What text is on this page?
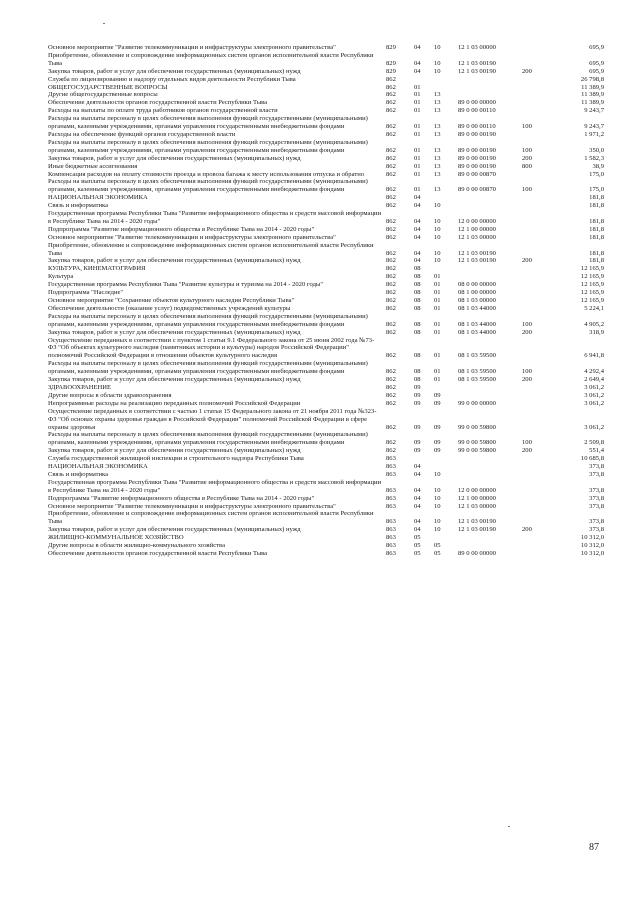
Основное мероприятие "Развитие телекоммуникации и инфраструктуры электронного правительства"	829	04	10	12 1 03 00000	695,9
Приобретение, обновление и сопровождение информационных систем органов исполнительной власти Республики Тыва	829	04	10	12 1 03 00190	695,9
Закупка товаров, работ и услуг для обеспечения государственных (муниципальных) нужд	829	04	10	12 1 03 00190	200	695,9
Служба по лицензированию и надзору отдельных видов деятельности Республики Тыва	862	26 798,8
ОБЩЕГОСУДАРСТВЕННЫЕ ВОПРОСЫ	862	01	11 389,9
Другие общегосударственные вопросы	862	01	13	11 389,9
Обеспечение деятельности органов государственной власти Республики Тыва	862	01	13	89 0 00 00000	11 389,9
Расходы на выплаты по оплате труда работников органов государственной власти	862	01	13	89 0 00 00110	9 243,7
Расходы на выплаты персоналу в целях обеспечения выполнения функций государственными (муниципальными) органами, казенными учреждениями, органами управления государственными внебюджетными фондами	862	01	13	89 0 00 00110	100	9 243,7
Расходы на обеспечение функций органов государственной власти	862	01	13	89 0 00 00190	1 971,2
Расходы на выплаты персоналу в целях обеспечения выполнения функций государственными (муниципальными) органами, казенными учреждениями, органами управления государственными внебюджетными фондами	862	01	13	89 0 00 00190	100	350,0
Закупка товаров, работ и услуг для обеспечения государственных (муниципальных) нужд	862	01	13	89 0 00 00190	200	1 582,3
Иные бюджетные ассигнования	862	01	13	89 0 00 00190	800	38,9
Компенсация расходов на оплату стоимости проезда и провоза багажа к месту использования отпуска и обратно	862	01	13	89 0 00 00870	175,0
Расходы на выплаты персоналу в целях обеспечения выполнения функций государственными (муниципальными) органами, казенными учреждениями, органами управления государственными внебюджетными фондами	862	01	13	89 0 00 00870	100	175,0
НАЦИОНАЛЬНАЯ ЭКОНОМИКА	862	04	181,8
Связь и информатика	862	04	10	181,8
Государственная программа Республики Тыва "Развитие информационного общества и средств массовой информации в Республике Тыва на 2014 - 2020 годы"	862	04	10	12 0 00 00000	181,8
Подпрограмма "Развитие информационного общества в Республике Тыва на 2014 - 2020 годы"	862	04	10	12 1 00 00000	181,8
Основное мероприятие "Развитие телекоммуникации и инфраструктуры электронного правительства"	862	04	10	12 1 03 00000	181,8
Приобретение, обновление и сопровождение информационных систем органов исполнительной власти Республики Тыва	862	04	10	12 1 03 00190	181,8
Закупка товаров, работ и услуг для обеспечения государственных (муниципальных) нужд	862	04	10	12 1 03 00190	200	181,8
КУЛЬТУРА, КИНЕМАТОГРАФИЯ	862	08	12 165,9
Культура	862	08	01	12 165,9
Государственная программа Республики Тыва "Развитие культуры и туризма на 2014 - 2020 годы"	862	08	01	08 0 00 00000	12 165,9
Подпрограмма "Наследие"	862	08	01	08 1 00 00000	12 165,9
Основное мероприятие "Сохранение объектов культурного наследия Республики Тыва"	862	08	01	08 1 03 00000	12 165,9
Обеспечение деятельности (оказание услуг) подведомственных учреждений культуры	862	08	01	08 1 03 44000	5 224,1
Расходы на выплаты персоналу в целях обеспечения выполнения функций государственными (муниципальными) органами, казенными учреждениями, органами управления государственными внебюджетными фондами	862	08	01	08 1 03 44000	100	4 905,2
Закупка товаров, работ и услуг для обеспечения государственных (муниципальных) нужд	862	08	01	08 1 03 44000	200	318,9
Осуществление переданных в соответствии с пунктом 1 статьи 9.1 Федерального закона от 25 июня 2002 года №73-ФЗ "Об объектах культурного наследия (памятниках истории и культуры) народов Российской Федерации" полномочий Российской Федерации в отношении объектов культурного наследия	862	08	01	08 1 03 59500	6 941,8
Расходы на выплаты персоналу в целях обеспечения выполнения функций государственными (муниципальными) органами, казенными учреждениями, органами управления государственными внебюджетными фондами	862	08	01	08 1 03 59500	100	4 292,4
Закупка товаров, работ и услуг для обеспечения государственных (муниципальных) нужд	862	08	01	08 1 03 59500	200	2 649,4
ЗДРАВООХРАНЕНИЕ	862	09	3 061,2
Другие вопросы в области здравоохранения	862	09	09	3 061,2
Непрограммные расходы на реализацию переданных полномочий Российской Федерации	862	09	09	99 0 00 00000	3 061,2
Осуществление переданных в соответствии с частью 1 статьи 15 Федерального закона от 21 ноября 2011 года №323-ФЗ "Об основах охраны здоровья граждан в Российской Федерации" полномочий Российской Федерации в сфере охраны здоровья	862	09	09	99 0 00 59800	3 061,2
Расходы на выплаты персоналу в целях обеспечения выполнения функций государственными (муниципальными) органами, казенными учреждениями, органами управления государственными внебюджетными фондами	862	09	09	99 0 00 59800	100	2 509,8
Закупка товаров, работ и услуг для обеспечения государственных (муниципальных) нужд	862	09	09	99 0 00 59800	200	551,4
Служба государственной жилищной инспекции и строительного надзора Республики Тыва	863	10 685,8
НАЦИОНАЛЬНАЯ ЭКОНОМИКА	863	04	373,8
Связь и информатика	863	04	10	373,8
Государственная программа Республики Тыва "Развитие информационного общества и средств массовой информации в Республике Тыва на 2014 - 2020 годы"	863	04	10	12 0 00 00000	373,8
Подпрограмма "Развитие информационного общества в Республике Тыва на 2014 - 2020 годы"	863	04	10	12 1 00 00000	373,8
Основное мероприятие "Развитие телекоммуникации и инфраструктуры электронного правительства"	863	04	10	12 1 03 00000	373,8
Приобретение, обновление и сопровождение информационных систем органов исполнительной власти Республики Тыва	863	04	10	12 1 03 00190	373,8
Закупка товаров, работ и услуг для обеспечения государственных (муниципальных) нужд	863	04	10	12 1 03 00190	200	373,8
ЖИЛИЩНО-КОММУНАЛЬНОЕ ХОЗЯЙСТВО	863	05	10 312,0
Другие вопросы в области жилищно-коммунального хозяйства	863	05	05	10 312,0
Обеспечение деятельности органов государственной власти Республики Тыва	863	05	05	89 0 00 00000	10 312,0
87
